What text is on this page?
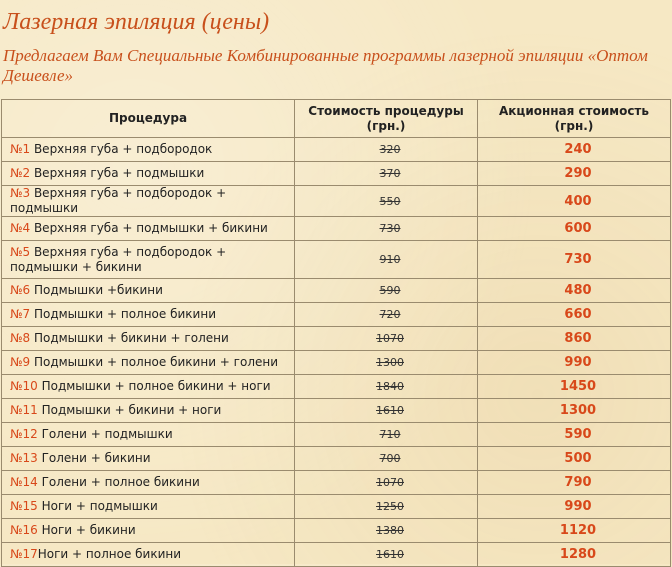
Лазерная эпиляция (цены)

Предлагаем Вам Специальные Комбинированные программы лазерной эпиляции «Оптом Дешевле»

Процедура	Стоимость процедуры (грн.)	Акционная стоимость (грн.)
№1 Верхняя губа + подбородок	320	240
№2 Верхняя губа + подмышки	370	290
№3 Верхняя губа + подбородок + подмышки	550	400
№4 Верхняя губа + подмышки + бикини	730	600
№5 Верхняя губа + подбородок + подмышки + бикини	910	730
№6 Подмышки +бикини	590	480
№7 Подмышки + полное бикини	720	660
№8 Подмышки + бикини + голени	1070	860
№9 Подмышки + полное бикини + голени	1300	990
№10 Подмышки + полное бикини + ноги	1840	1450
№11 Подмышки + бикини + ноги	1610	1300
№12 Голени + подмышки	710	590
№13 Голени + бикини	700	500
№14 Голени + полное бикини	1070	790
№15 Ноги + подмышки	1250	990
№16 Ноги + бикини	1380	1120
№17Ноги + полное бикини	1610	1280
